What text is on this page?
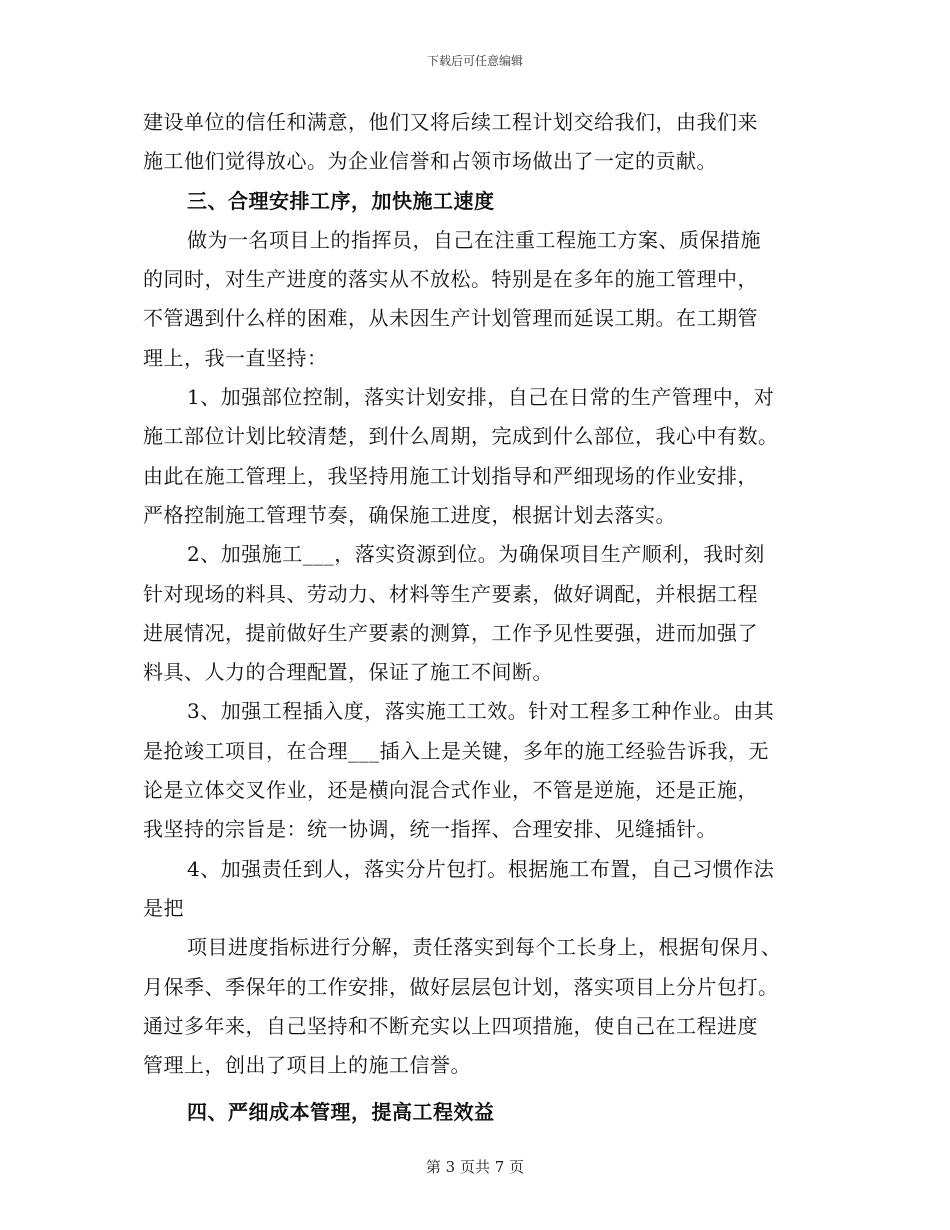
下载后可任意编辑
建设单位的信任和满意，他们又将后续工程计划交给我们，由我们来
施工他们觉得放心。为企业信誉和占领市场做出了一定的贡献。
三、合理安排工序，加快施工速度
做为一名项目上的指挥员，自己在注重工程施工方案、质保措施
的同时，对生产进度的落实从不放松。特别是在多年的施工管理中，
不管遇到什么样的困难，从未因生产计划管理而延误工期。在工期管
理上，我一直坚持：
1、加强部位控制，落实计划安排，自己在日常的生产管理中，对
施工部位计划比较清楚，到什么周期，完成到什么部位，我心中有数。
由此在施工管理上，我坚持用施工计划指导和严细现场的作业安排，
严格控制施工管理节奏，确保施工进度，根据计划去落实。
2、加强施工___，落实资源到位。为确保项目生产顺利，我时刻
针对现场的料具、劳动力、材料等生产要素，做好调配，并根据工程
进展情况，提前做好生产要素的测算，工作予见性要强，进而加强了
料具、人力的合理配置，保证了施工不间断。
3、加强工程插入度，落实施工工效。针对工程多工种作业。由其
是抢竣工项目，在合理___插入上是关键，多年的施工经验告诉我，无
论是立体交叉作业，还是横向混合式作业，不管是逆施，还是正施，
我坚持的宗旨是：统一协调，统一指挥、合理安排、见缝插针。
4、加强责任到人，落实分片包打。根据施工布置，自己习惯作法
是把
项目进度指标进行分解，责任落实到每个工长身上，根据旬保月、
月保季、季保年的工作安排，做好层层包计划，落实项目上分片包打。
通过多年来，自己坚持和不断充实以上四项措施，使自己在工程进度
管理上，创出了项目上的施工信誉。
四、严细成本管理，提高工程效益
第 3 页共 7 页
